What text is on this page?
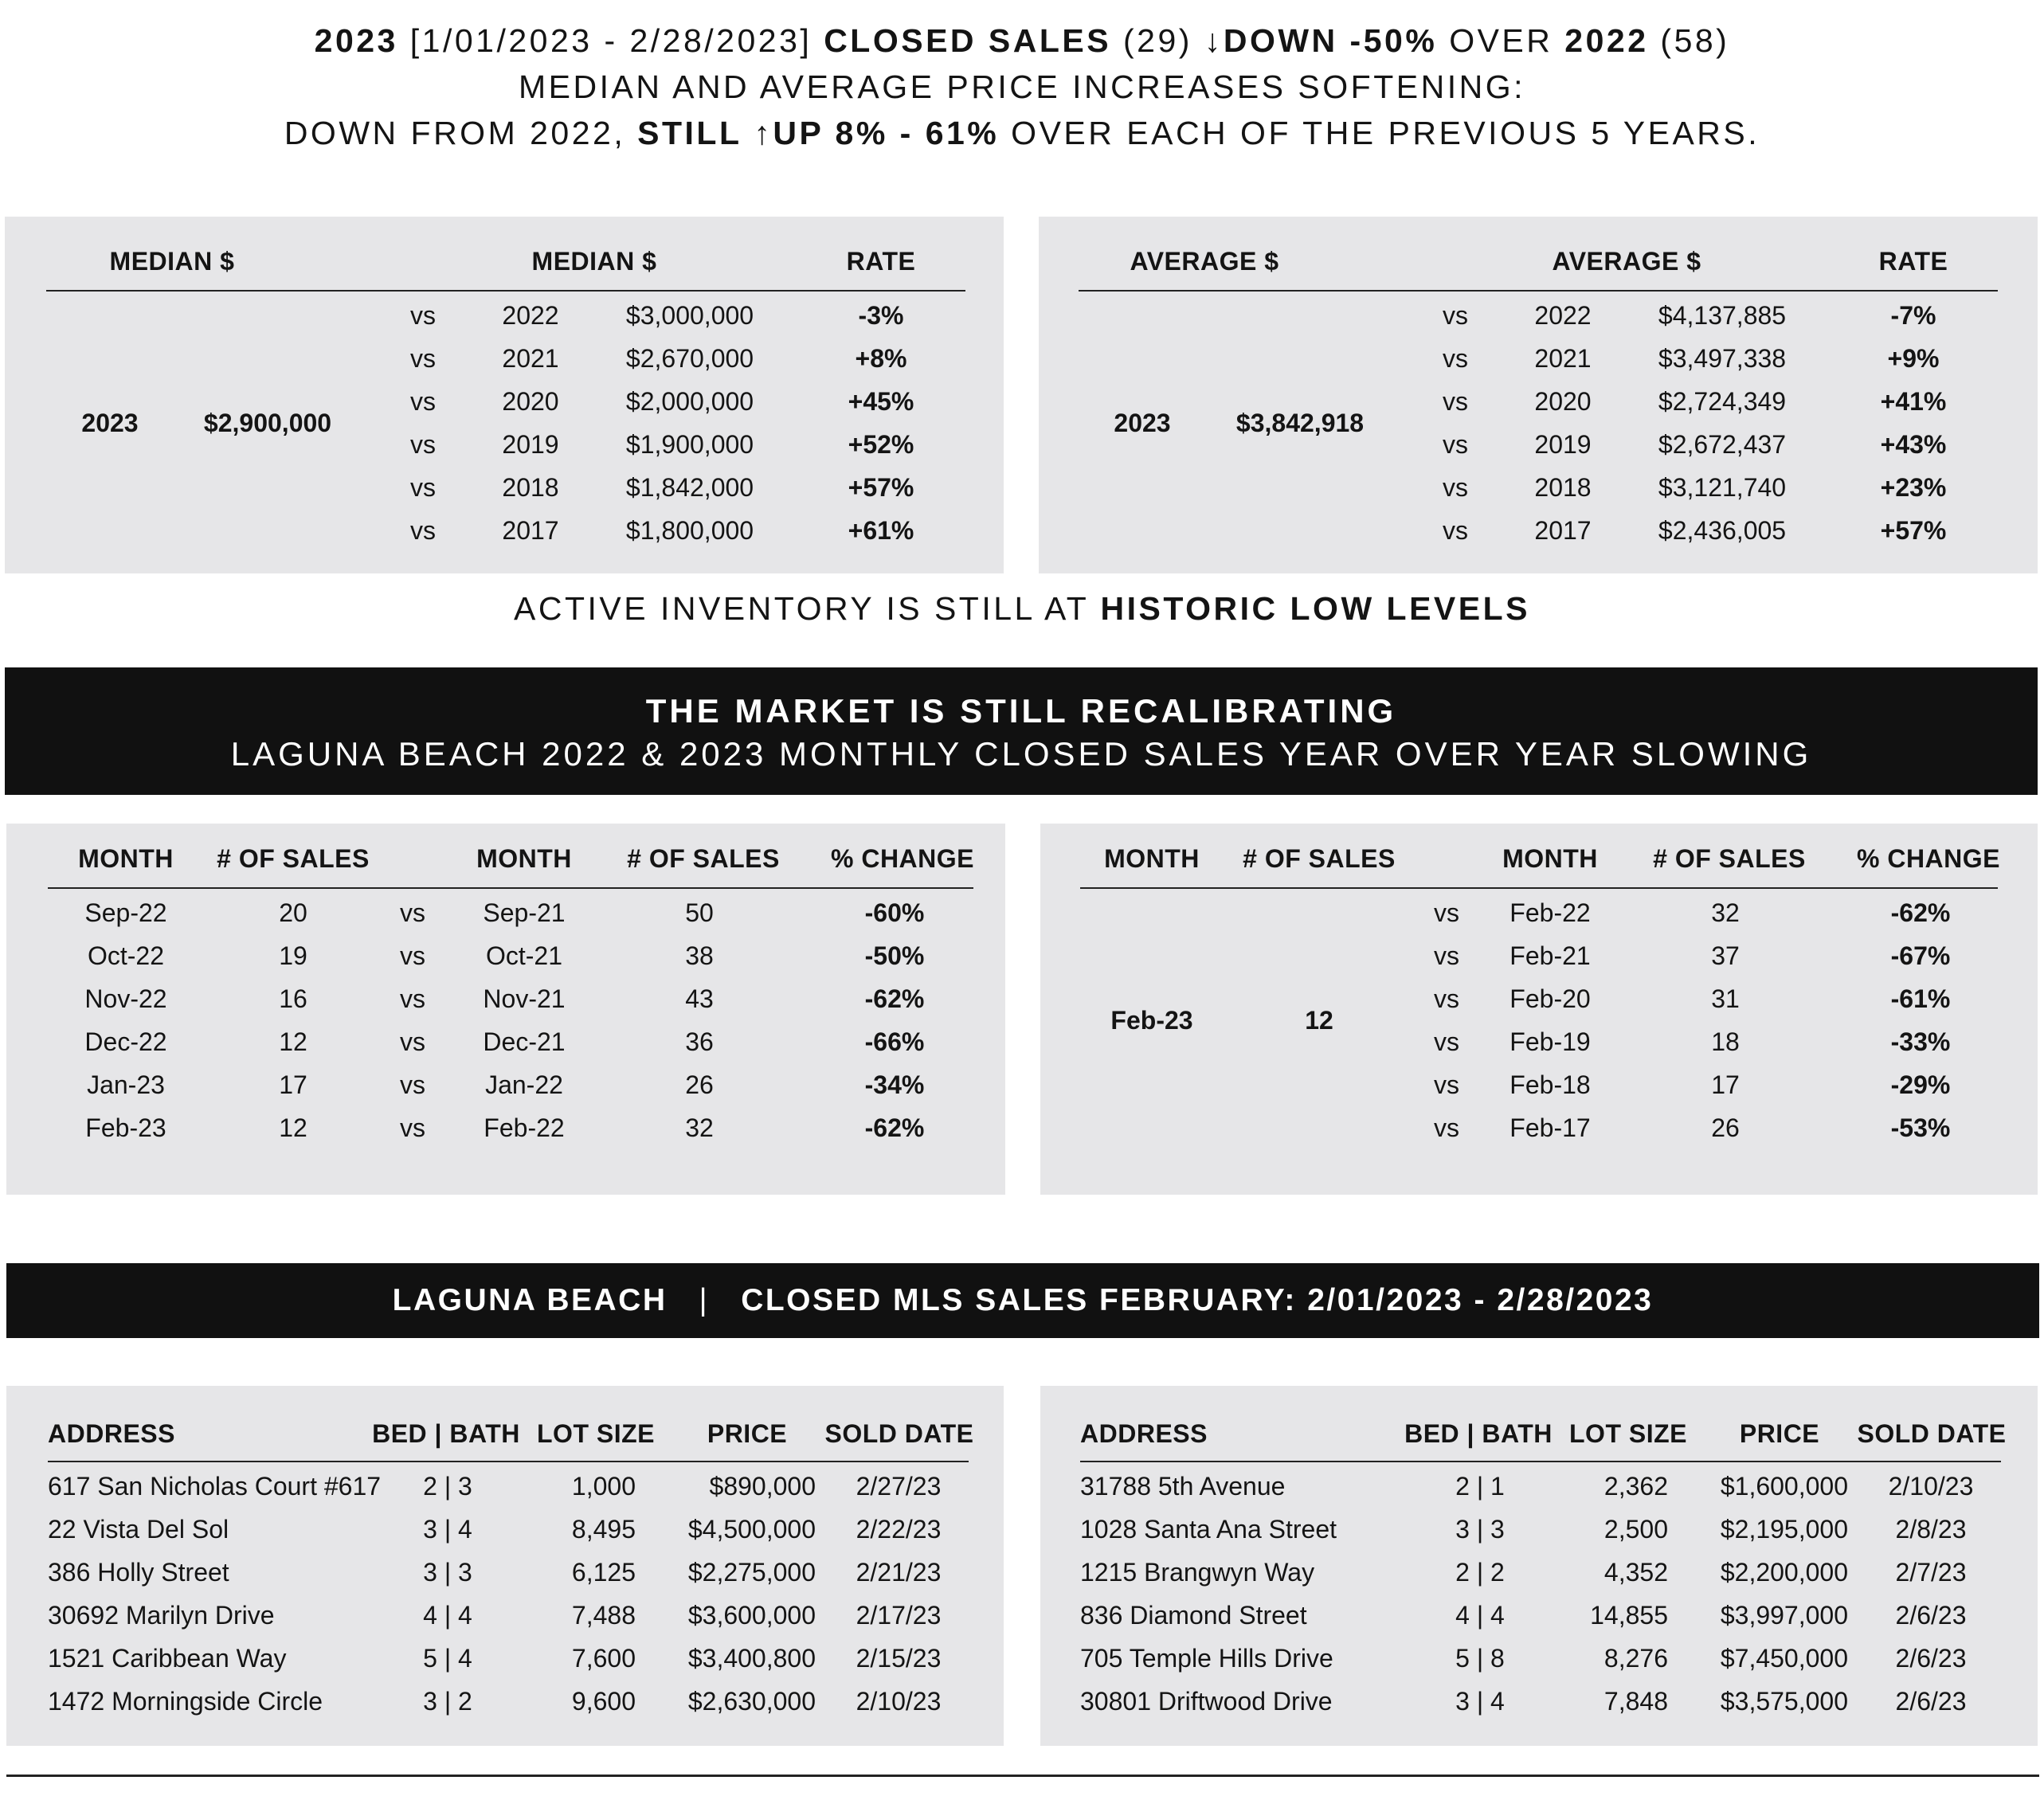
2023 [1/01/2023 - 2/28/2023] CLOSED SALES (29) ↓DOWN -50% OVER 2022 (58)
MEDIAN AND AVERAGE PRICE INCREASES SOFTENING:
DOWN FROM 2022, STILL ↑UP 8% - 61% OVER EACH OF THE PREVIOUS 5 YEARS.
MEDIAN $	MEDIAN $	RATE
2023	$2,900,000
vs	2022	$3,000,000	-3%
vs	2021	$2,670,000	+8%
vs	2020	$2,000,000	+45%
vs	2019	$1,900,000	+52%
vs	2018	$1,842,000	+57%
vs	2017	$1,800,000	+61%
AVERAGE $	AVERAGE $	RATE
2023	$3,842,918
vs	2022	$4,137,885	-7%
vs	2021	$3,497,338	+9%
vs	2020	$2,724,349	+41%
vs	2019	$2,672,437	+43%
vs	2018	$3,121,740	+23%
vs	2017	$2,436,005	+57%
ACTIVE INVENTORY IS STILL AT HISTORIC LOW LEVELS
THE MARKET IS STILL RECALIBRATING
LAGUNA BEACH 2022 & 2023 MONTHLY CLOSED SALES YEAR OVER YEAR SLOWING
MONTH	# OF SALES	MONTH	# OF SALES	% CHANGE
Sep-22	20	vs	Sep-21	50	-60%
Oct-22	19	vs	Oct-21	38	-50%
Nov-22	16	vs	Nov-21	43	-62%
Dec-22	12	vs	Dec-21	36	-66%
Jan-23	17	vs	Jan-22	26	-34%
Feb-23	12	vs	Feb-22	32	-62%
MONTH	# OF SALES	MONTH	# OF SALES	% CHANGE
Feb-23	12
vs	Feb-22	32	-62%
vs	Feb-21	37	-67%
vs	Feb-20	31	-61%
vs	Feb-19	18	-33%
vs	Feb-18	17	-29%
vs	Feb-17	26	-53%
LAGUNA BEACH | CLOSED MLS SALES FEBRUARY: 2/01/2023 - 2/28/2023
ADDRESS	BED | BATH LOT SIZE	PRICE	SOLD DATE
617 San Nicholas Court #617	2 | 3	1,000	$890,000	2/27/23
22 Vista Del Sol	3 | 4	8,495	$4,500,000	2/22/23
386 Holly Street	3 | 3	6,125	$2,275,000	2/21/23
30692 Marilyn Drive	4 | 4	7,488	$3,600,000	2/17/23
1521 Caribbean Way	5 | 4	7,600	$3,400,800	2/15/23
1472 Morningside Circle	3 | 2	9,600	$2,630,000	2/10/23
ADDRESS	BED | BATH LOT SIZE	PRICE	SOLD DATE
31788 5th Avenue	2 | 1	2,362	$1,600,000	2/10/23
1028 Santa Ana Street	3 | 3	2,500	$2,195,000	2/8/23
1215 Brangwyn Way	2 | 2	4,352	$2,200,000	2/7/23
836 Diamond Street	4 | 4	14,855	$3,997,000	2/6/23
705 Temple Hills Drive	5 | 8	8,276	$7,450,000	2/6/23
30801 Driftwood Drive	3 | 4	7,848	$3,575,000	2/6/23
